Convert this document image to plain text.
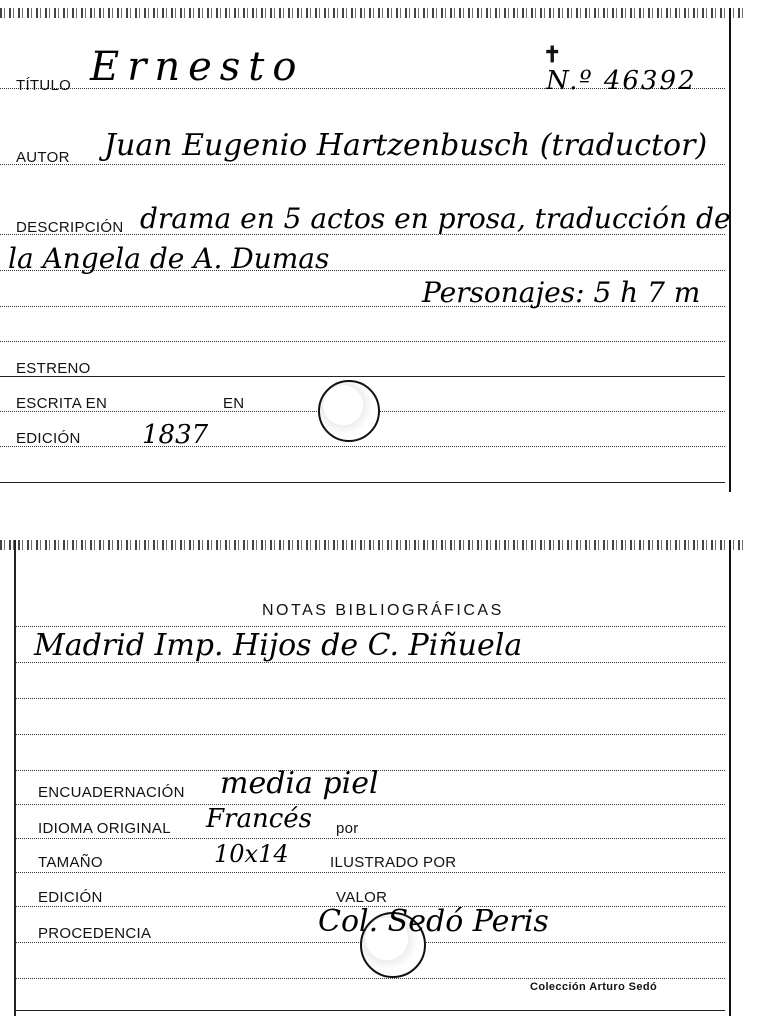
TÍTULO Ernesto	✝
N.º 46392
AUTOR Juan Eugenio Hartzenbusch (traductor)
DESCRIPCIÓN drama en 5 actos en prosa, traducción de
la Angela de A. Dumas
Personajes: 5 h 7 m
ESTRENO
ESCRITA EN	EN
EDICIÓN 1837
NOTAS BIBLIOGRÁFICAS
Madrid Imp. Hijos de C. Piñuela
ENCUADERNACIÓN media piel
IDIOMA ORIGINAL Francés por
TAMAÑO	10x14	ILUSTRADO POR
EDICIÓN	VALOR
PROCEDENCIA	Col. Sedó Peris
Colección Arturo Sedó
